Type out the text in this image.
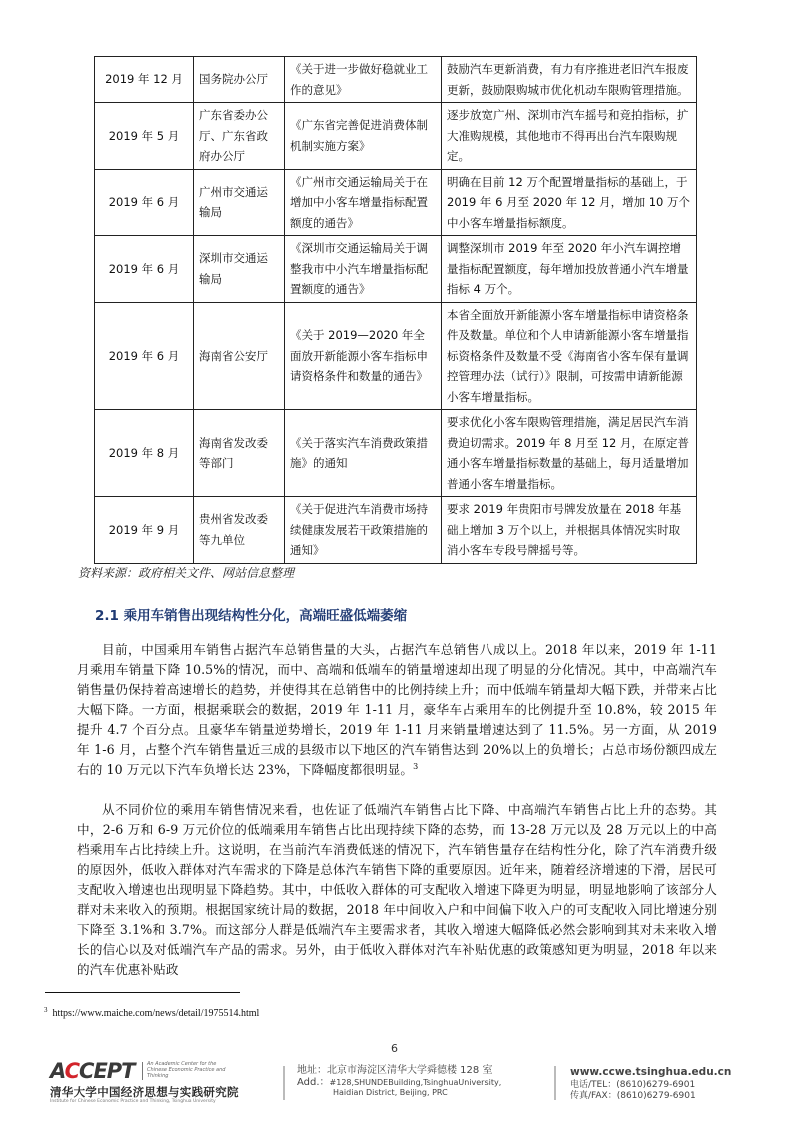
2019 年 12 月	国务院办公厅	《关于进一步做好稳就业工作的意见》	鼓励汽车更新消费，有力有序推进老旧汽车报废更新，鼓励限购城市优化机动车限购管理措施。
2019 年 5 月	广东省委办公厅、广东省政府办公厅	《广东省完善促进消费体制机制实施方案》	逐步放宽广州、深圳市汽车摇号和竞拍指标，扩大准购规模，其他地市不得再出台汽车限购规定。
2019 年 6 月	广州市交通运输局	《广州市交通运输局关于在增加中小客车增量指标配置额度的通告》	明确在目前 12 万个配置增量指标的基础上，于 2019 年 6 月至 2020 年 12 月，增加 10 万个中小客车增量指标额度。
2019 年 6 月	深圳市交通运输局	《深圳市交通运输局关于调整我市中小汽车增量指标配置额度的通告》	调整深圳市 2019 年至 2020 年小汽车调控增量指标配置额度，每年增加投放普通小汽车增量指标 4 万个。
2019 年 6 月	海南省公安厅	《关于 2019—2020 年全面放开新能源小客车指标申请资格条件和数量的通告》	本省全面放开新能源小客车增量指标申请资格条件及数量。单位和个人申请新能源小客车增量指标资格条件及数量不受《海南省小客车保有量调控管理办法（试行）》限制，可按需申请新能源小客车增量指标。
2019 年 8 月	海南省发改委等部门	《关于落实汽车消费政策措施》的通知	要求优化小客车限购管理措施，满足居民汽车消费迫切需求。2019 年 8 月至 12 月，在原定普通小客车增量指标数量的基础上，每月适量增加普通小客车增量指标。
2019 年 9 月	贵州省发改委等九单位	《关于促进汽车消费市场持续健康发展若干政策措施的通知》	要求 2019 年贵阳市号牌发放量在 2018 年基础上增加 3 万个以上，并根据具体情况实时取消小客车专段号牌摇号等。
资料来源：政府相关文件、网站信息整理
2.1 乘用车销售出现结构性分化，高端旺盛低端萎缩

目前，中国乘用车销售占据汽车总销售量的大头，占据汽车总销售八成以上。2018 年以来，2019 年 1-11 月乘用车销量下降 10.5%的情况，而中、高端和低端车的销量增速却出现了明显的分化情况。其中，中高端汽车销售量仍保持着高速增长的趋势，并使得其在总销售中的比例持续上升；而中低端车销量却大幅下跌，并带来占比大幅下降。一方面，根据乘联会的数据，2019 年 1-11 月，豪华车占乘用车的比例提升至 10.8%，较 2015 年提升 4.7 个百分点。且豪华车销量逆势增长，2019 年 1-11 月来销量增速达到了 11.5%。另一方面，从 2019 年 1-6 月，占整个汽车销售量近三成的县级市以下地区的汽车销售达到 20%以上的负增长；占总市场份额四成左右的 10 万元以下汽车负增长达 23%，下降幅度都很明显。$^3$

从不同价位的乘用车销售情况来看，也佐证了低端汽车销售占比下降、中高端汽车销售占比上升的态势。其中，2-6 万和 6-9 万元价位的低端乘用车销售占比出现持续下降的态势，而 13-28 万元以及 28 万元以上的中高档乘用车占比持续上升。这说明，在当前汽车消费低迷的情况下，汽车销售量存在结构性分化，除了汽车消费升级的原因外，低收入群体对汽车需求的下降是总体汽车销售下降的重要原因。近年来，随着经济增速的下滑，居民可支配收入增速也出现明显下降趋势。其中，中低收入群体的可支配收入增速下降更为明显，明显地影响了该部分人群对未来收入的预期。根据国家统计局的数据，2018 年中间收入户和中间偏下收入户的可支配收入同比增速分别下降至 3.1%和 3.7%。而这部分人群是低端汽车主要需求者，其收入增速大幅降低必然会影响到其对未来收入增长的信心以及对低端汽车产品的需求。另外，由于低收入群体对汽车补贴优惠的政策感知更为明显，2018 年以来的汽车优惠补贴政

$^3$ https://www.maiche.com/news/detail/1975514.html
6
ACCEPT An Academic Center for the Chinese Economic Practice and Thinking
清华大学中国经济思想与实践研究院
Institute for Chinese Economic Practice and Thinking, Tsinghua University
地址：北京市海淀区清华大学舜德楼 128 室
Add.：#128,SHUNDEBuilding,TsinghuaUniversity,
Haidian District, Beijing, PRC
www.ccwe.tsinghua.edu.cn
电话/TEL：(8610)6279-6901
传真/FAX：(8610)6279-6901
